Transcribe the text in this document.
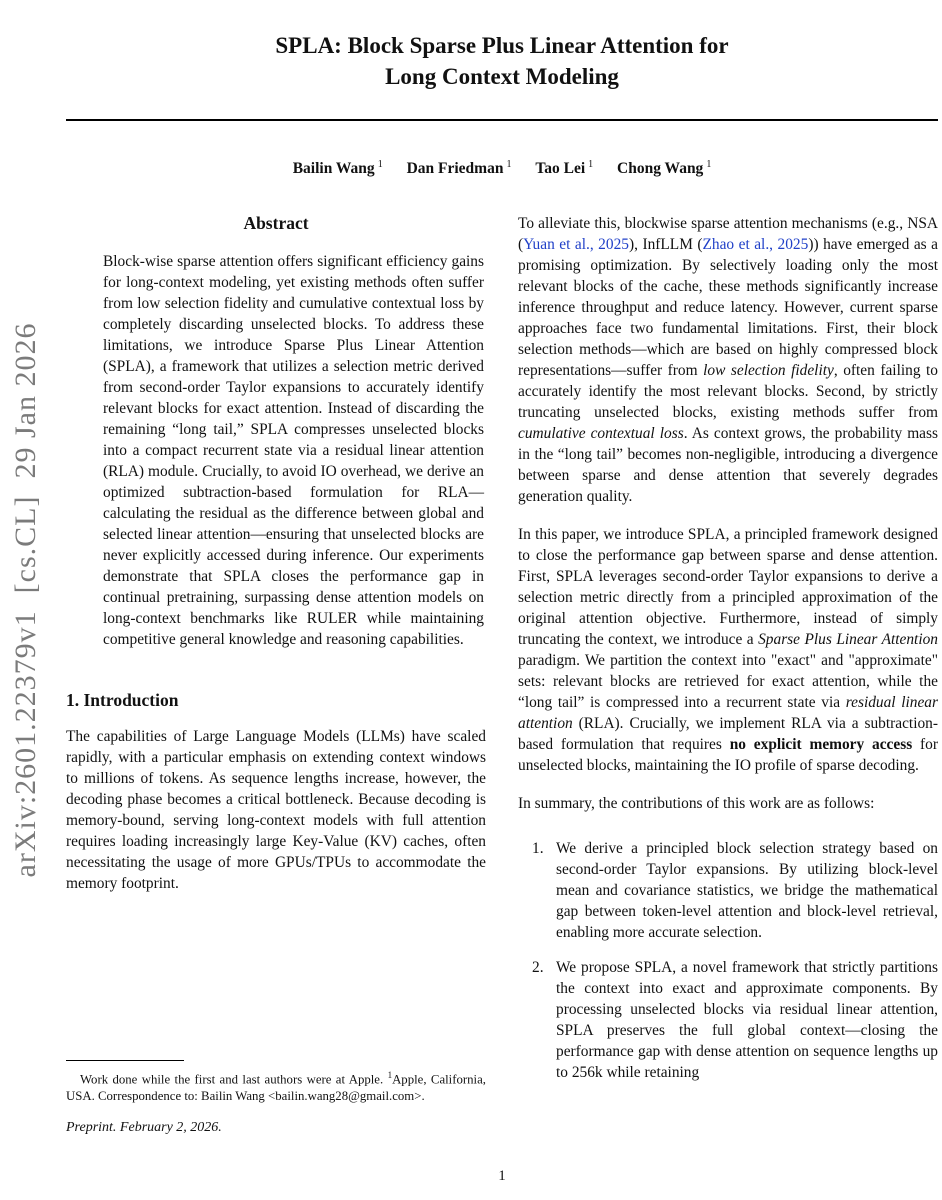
arXiv:2601.22379v1  [cs.CL]  29 Jan 2026
SPLA: Block Sparse Plus Linear Attention for
Long Context Modeling
Bailin Wang $^1$ Dan Friedman $^1$ Tao Lei $^1$ Chong Wang $^1$
Abstract

Block-wise sparse attention offers significant efficiency gains for long-context modeling, yet existing methods often suffer from low selection fidelity and cumulative contextual loss by completely discarding unselected blocks. To address these limitations, we introduce Sparse Plus Linear Attention (SPLA), a framework that utilizes a selection metric derived from second-order Taylor expansions to accurately identify relevant blocks for exact attention. Instead of discarding the remaining “long tail,” SPLA compresses unselected blocks into a compact recurrent state via a residual linear attention (RLA) module. Crucially, to avoid IO overhead, we derive an optimized subtraction-based formulation for RLA—calculating the residual as the difference between global and selected linear attention—ensuring that unselected blocks are never explicitly accessed during inference. Our experiments demonstrate that SPLA closes the performance gap in continual pretraining, surpassing dense attention models on long-context benchmarks like RULER while maintaining competitive general knowledge and reasoning capabilities.

1. Introduction

The capabilities of Large Language Models (LLMs) have scaled rapidly, with a particular emphasis on extending context windows to millions of tokens. As sequence lengths increase, however, the decoding phase becomes a critical bottleneck. Because decoding is memory-bound, serving long-context models with full attention requires loading increasingly large Key-Value (KV) caches, often necessitating the usage of more GPUs/TPUs to accommodate the memory footprint.

To alleviate this, blockwise sparse attention mechanisms (e.g., NSA (Yuan et al., 2025), InfLLM (Zhao et al., 2025)) have emerged as a promising optimization. By selectively loading only the most relevant blocks of the cache, these methods significantly increase inference throughput and reduce latency. However, current sparse approaches face two fundamental limitations. First, their block selection methods—which are based on highly compressed block representations—suffer from low selection fidelity, often failing to accurately identify the most relevant blocks. Second, by strictly truncating unselected blocks, existing methods suffer from cumulative contextual loss. As context grows, the probability mass in the “long tail” becomes non-negligible, introducing a divergence between sparse and dense attention that severely degrades generation quality.

In this paper, we introduce SPLA, a principled framework designed to close the performance gap between sparse and dense attention. First, SPLA leverages second-order Taylor expansions to derive a selection metric directly from a principled approximation of the original attention objective. Furthermore, instead of simply truncating the context, we introduce a Sparse Plus Linear Attention paradigm. We partition the context into "exact" and "approximate" sets: relevant blocks are retrieved for exact attention, while the “long tail” is compressed into a recurrent state via residual linear attention (RLA). Crucially, we implement RLA via a subtraction-based formulation that requires no explicit memory access for unselected blocks, maintaining the IO profile of sparse decoding.

In summary, the contributions of this work are as follows:

1. We derive a principled block selection strategy based on second-order Taylor expansions. By utilizing block-level mean and covariance statistics, we bridge the mathematical gap between token-level attention and block-level retrieval, enabling more accurate selection.
2. We propose SPLA, a novel framework that strictly partitions the context into exact and approximate components. By processing unselected blocks via residual linear attention, SPLA preserves the full global context—closing the performance gap with dense attention on sequence lengths up to 256k while retaining

Work done while the first and last authors were at Apple. $^1$Apple, California, USA. Correspondence to: Bailin Wang <bailin.wang28@gmail.com>.

Preprint. February 2, 2026.

1
